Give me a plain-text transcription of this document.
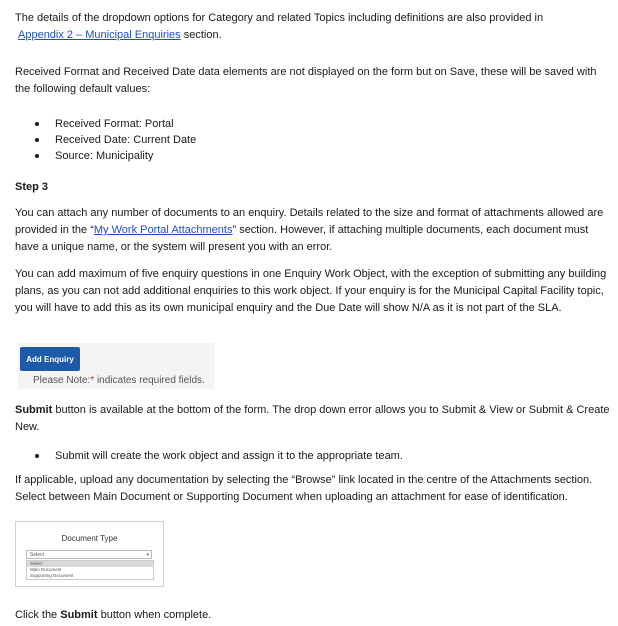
The details of the dropdown options for Category and related Topics including definitions are also provided in

Appendix 2 – Municipal Enquiries section.

Received Format and Received Date data elements are not displayed on the form but on Save, these will be saved with the following default values:

Received Format: Portal
Received Date: Current Date
Source: Municipality

Step 3

You can attach any number of documents to an enquiry. Details related to the size and format of attachments allowed are provided in the “My Work Portal Attachments” section. However, if attaching multiple documents, each document must have a unique name, or the system will present you with an error.

You can add maximum of five enquiry questions in one Enquiry Work Object, with the exception of submitting any building plans, as you can not add additional enquiries to this work object. If your enquiry is for the Municipal Capital Facility topic, you will have to add this as its own municipal enquiry and the Due Date will show N/A as it is not part of the SLA.

Add Enquiry
Please Note:* indicates required fields.

Submit button is available at the bottom of the form. The drop down error allows you to Submit & View or Submit & Create New.

Submit will create the work object and assign it to the appropriate team.

If applicable, upload any documentation by selecting the “Browse” link located in the centre of the Attachments section. Select between Main Document or Supporting Document when uploading an attachment for ease of identification.

Document Type
Select	▾
Select
Main Document
Supporting Document

Click the Submit button when complete.
